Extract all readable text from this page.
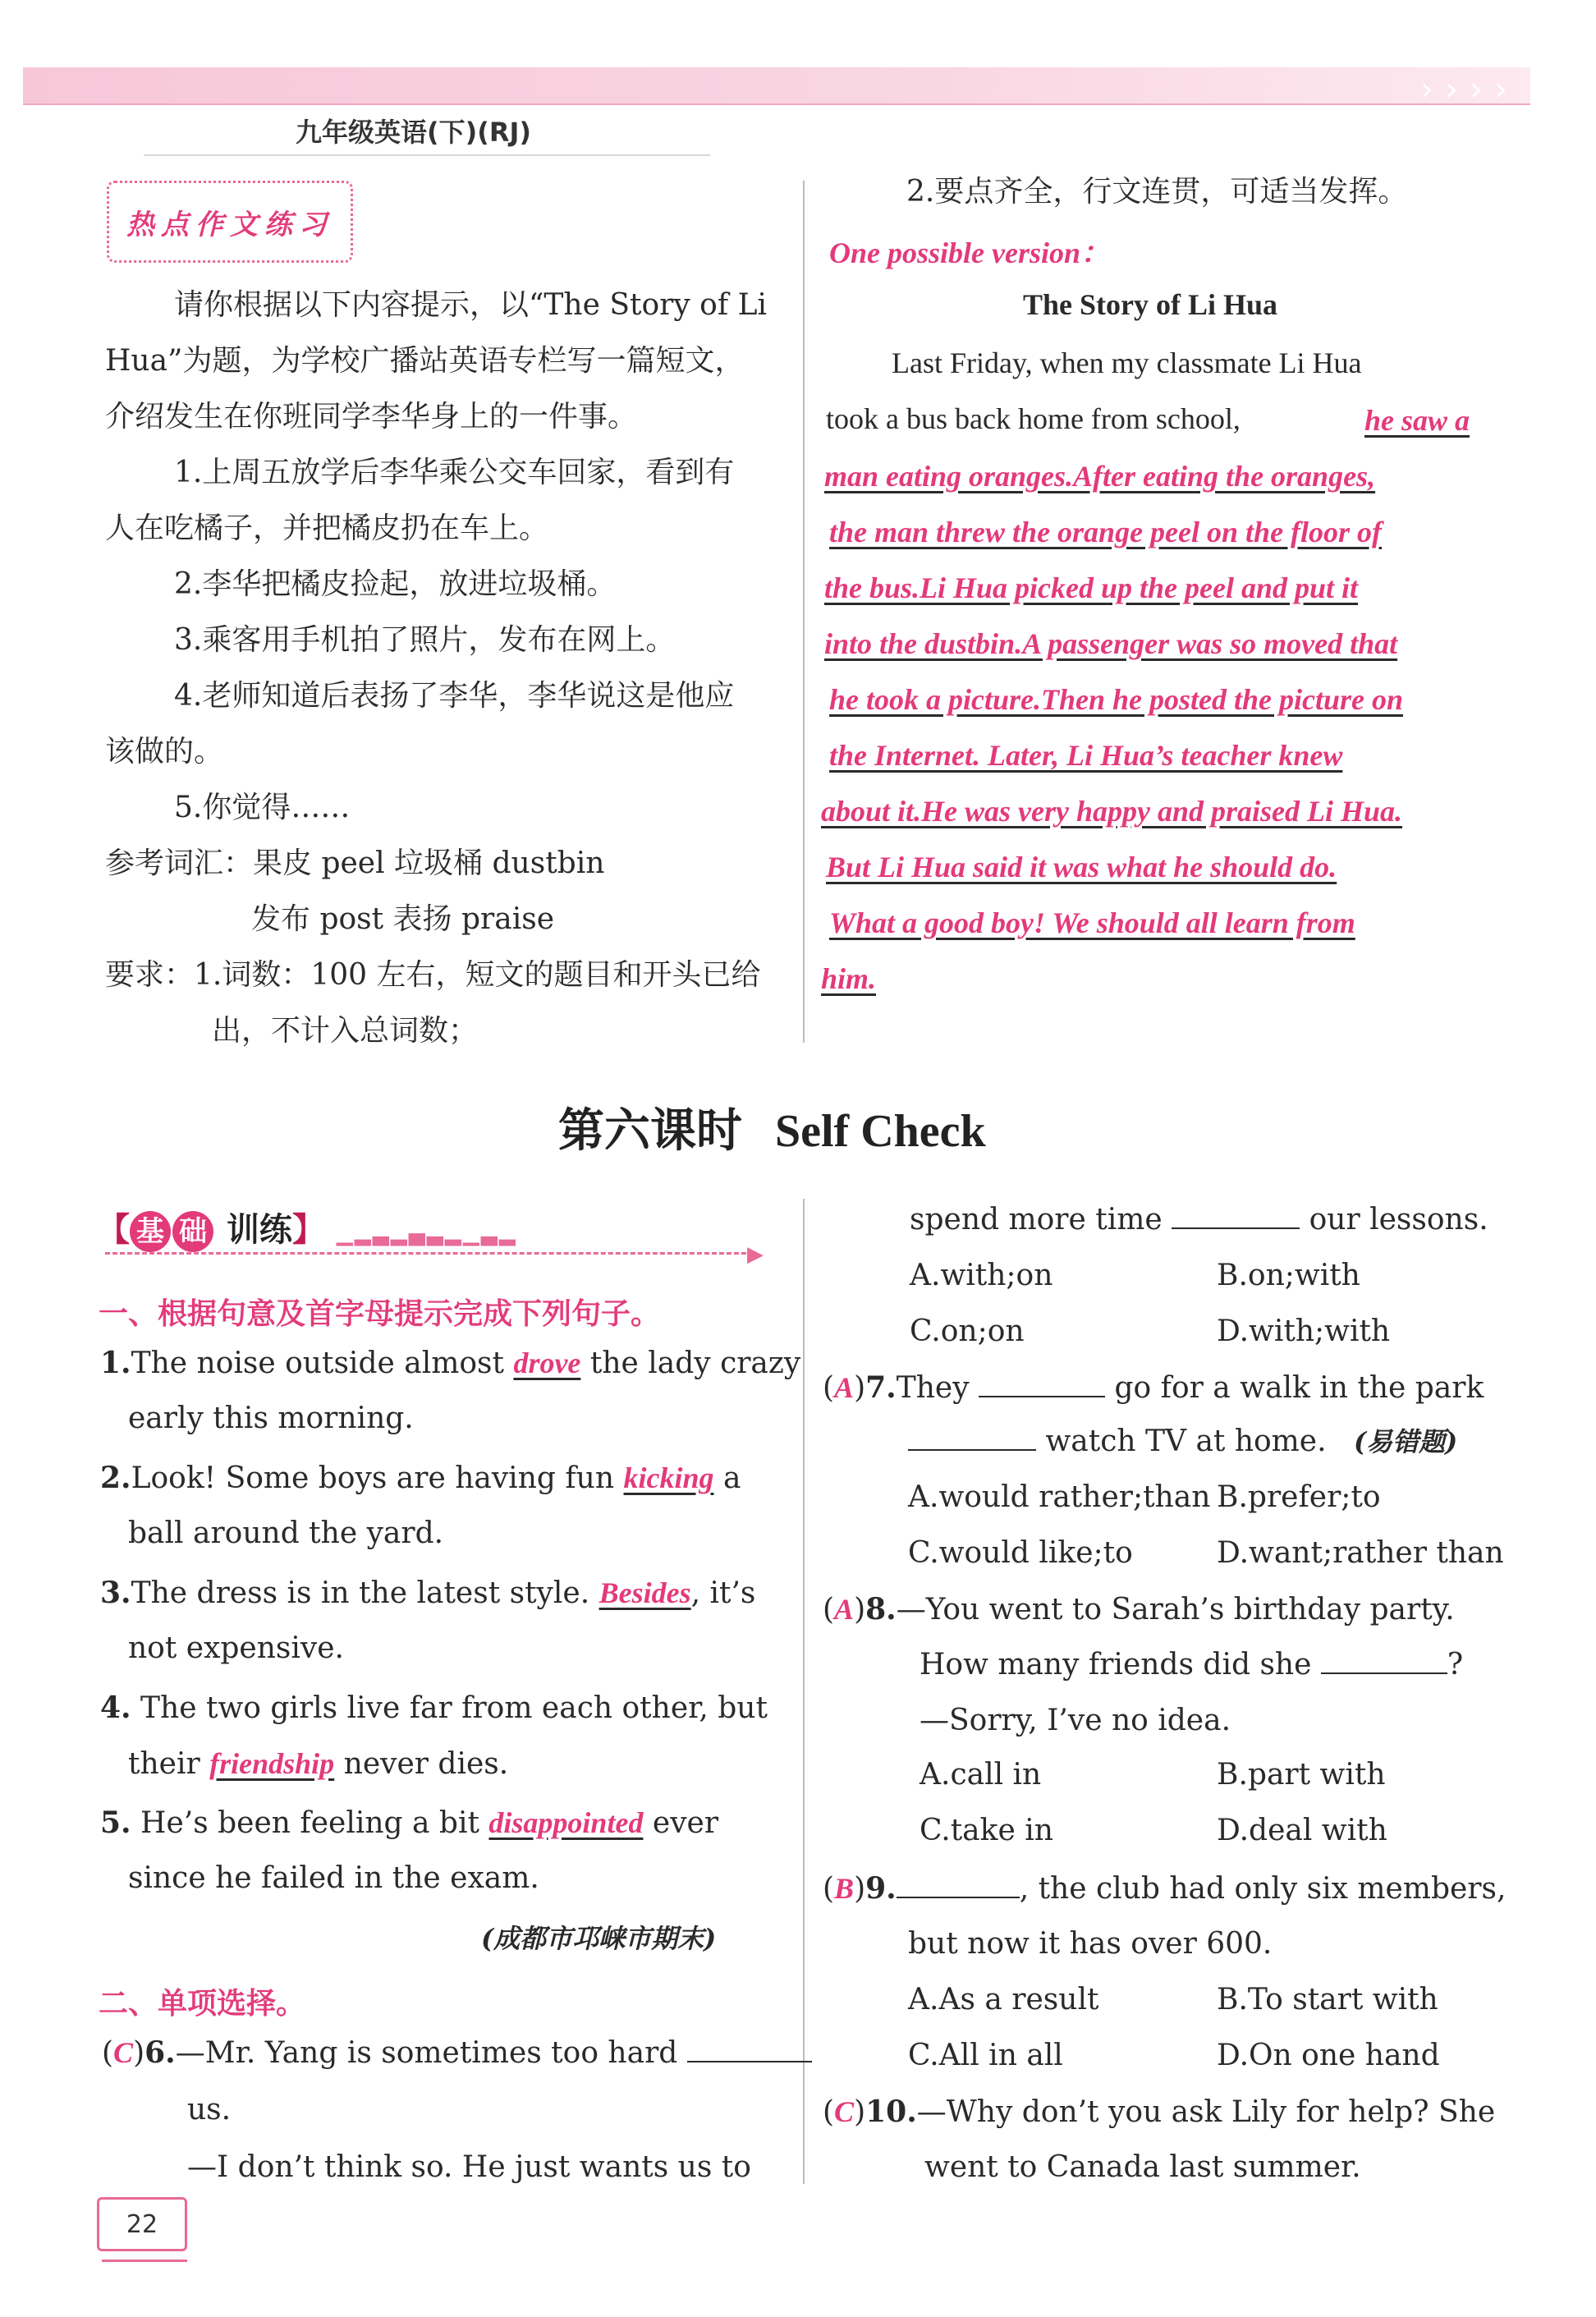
› › › ›
九年级英语(下)(RJ)
热点作文练习
请你根据以下内容提示，以“The Story of Li
Hua”为题，为学校广播站英语专栏写一篇短文，
介绍发生在你班同学李华身上的一件事。
1.上周五放学后李华乘公交车回家，看到有
人在吃橘子，并把橘皮扔在车上。
2.李华把橘皮捡起，放进垃圾桶。
3.乘客用手机拍了照片，发布在网上。
4.老师知道后表扬了李华，李华说这是他应
该做的。
5.你觉得……
参考词汇：果皮 peel 垃圾桶 dustbin
发布 post 表扬 praise
要求：1.词数：100 左右，短文的题目和开头已给
出，不计入总词数；
2.要点齐全，行文连贯，可适当发挥。
One possible version：
The Story of Li Hua
Last Friday, when my classmate Li Hua
took a bus back home from school,	he saw a
man eating oranges.After eating the oranges,
the man threw the orange peel on the floor of
the bus.Li Hua picked up the peel and put it
into the dustbin.A passenger was so moved that
he took a picture.Then he posted the picture on
the Internet. Later, Li Hua’s teacher knew
about it.He was very happy and praised Li Hua.
But Li Hua said it was what he should do.
What a good boy! We should all learn from
him.
第六课时 Self Check
【 基 础 训练】 ▁▂▃▂▄▃▂▁▃▂
▶
一、根据句意及首字母提示完成下列句子。
1.The noise outside almost drove the lady crazy
early this morning.
2.Look! Some boys are having fun kicking a
ball around the yard.
3.The dress is in the latest style. Besides, it’s
not expensive.
4. The two girls live far from each other, but
their friendship never dies.
5. He’s been feeling a bit disappointed ever
since he failed in the exam.
(成都市邛崃市期末)
二、单项选择。
(C)6.—Mr. Yang is sometimes too hard
us.
—I don’t think so. He just wants us to
spend more time	our lessons.
A.with;on	B.on;with
C.on;on	D.with;with
(A)7.They	go for a walk in the park
watch TV at home. (易错题)
A.would rather;than B.prefer;to
C.would like;to	D.want;rather than
(A)8.—You went to Sarah’s birthday party.
How many friends did she	?
—Sorry, I’ve no idea.
A.call in	B.part with
C.take in	D.deal with
(B)9.	, the club had only six members,
but now it has over 600.
A.As a result	B.To start with
C.All in all	D.On one hand
(C)10.—Why don’t you ask Lily for help? She
went to Canada last summer.
22
